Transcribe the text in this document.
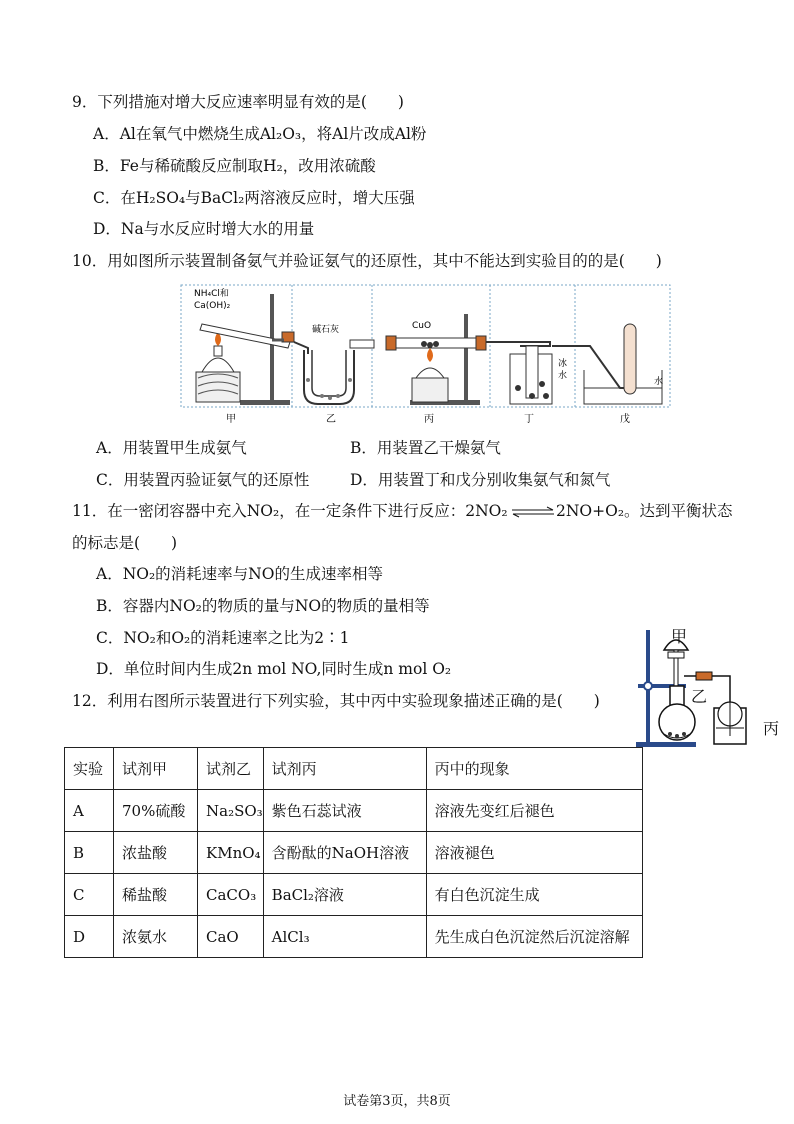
9．下列措施对增大反应速率明显有效的是(　　)
A．Al在氧气中燃烧生成Al₂O₃，将Al片改成Al粉
B．Fe与稀硫酸反应制取H₂，改用浓硫酸
C．在H₂SO₄与BaCl₂两溶液反应时，增大压强
D．Na与水反应时增大水的用量
10．用如图所示装置制备氨气并验证氨气的还原性，其中不能达到实验目的的是(　　)
NH₄Cl和
Ca(OH)₂
碱石灰	CuO
冰
水
水
甲	乙	丙	丁	戊
A．用装置甲生成氨气	B．用装置乙干燥氨气
C．用装置丙验证氨气的还原性	D．用装置丁和戊分别收集氨气和氮气
11．在一密闭容器中充入NO₂，在一定条件下进行反应：2NO₂ ⇌ 2NO+O₂。达到平衡状态
的标志是(　　)
A．NO₂的消耗速率与NO的生成速率相等
B．容器内NO₂的物质的量与NO的物质的量相等
C．NO₂和O₂的消耗速率之比为2∶1
D．单位时间内生成2n mol NO,同时生成n mol O₂
甲
乙
丙
12．利用右图所示装置进行下列实验，其中丙中实验现象描述正确的是(　　)
实验	试剂甲	试剂乙	试剂丙	丙中的现象
A	70%硫酸	Na₂SO₃	紫色石蕊试液	溶液先变红后褪色
B	浓盐酸	KMnO₄	含酚酞的NaOH溶液	溶液褪色
C	稀盐酸	CaCO₃	BaCl₂溶液	有白色沉淀生成
D	浓氨水	CaO	AlCl₃	先生成白色沉淀然后沉淀溶解
试卷第3页，共8页
